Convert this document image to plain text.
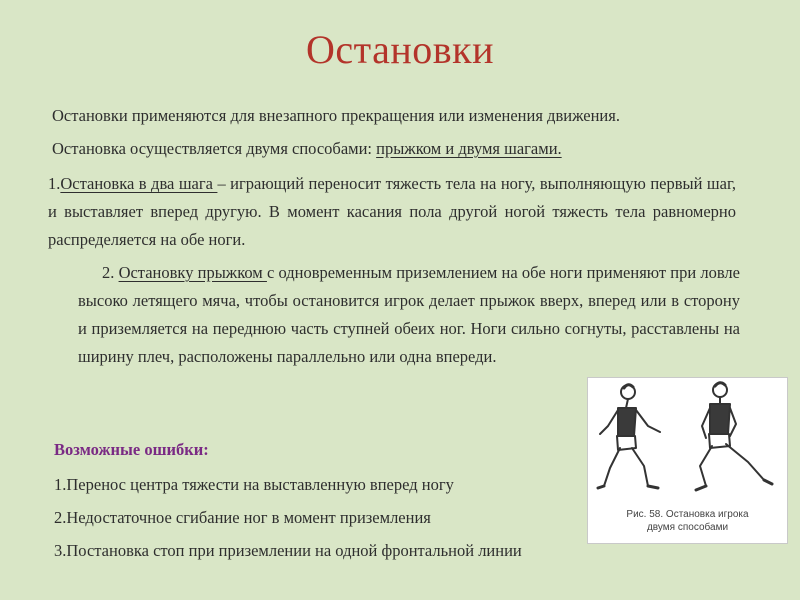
Остановки
Остановки применяются для внезапного прекращения или изменения движения.
Остановка осуществляется двумя способами: прыжком и двумя шагами.
1.Остановка в два шага – играющий переносит тяжесть тела на ногу, выполняющую первый шаг, и выставляет вперед другую. В момент касания пола другой ногой тяжесть тела равномерно распределяется на обе ноги.
2. Остановку прыжком с одновременным приземлением на обе ноги применяют при ловле высоко летящего мяча, чтобы остановится игрок делает прыжок вверх, вперед или в сторону и приземляется на переднюю часть ступней обеих ног. Ноги сильно согнуты, расставлены на ширину плеч, расположены параллельно или одна впереди.
Возможные ошибки:
1.Перенос центра тяжести на выставленную вперед ногу
2.Недостаточное сгибание ног в момент приземления
3.Постановка стоп при приземлении на одной фронтальной линии
Рис. 58. Остановка игрока
двумя способами
